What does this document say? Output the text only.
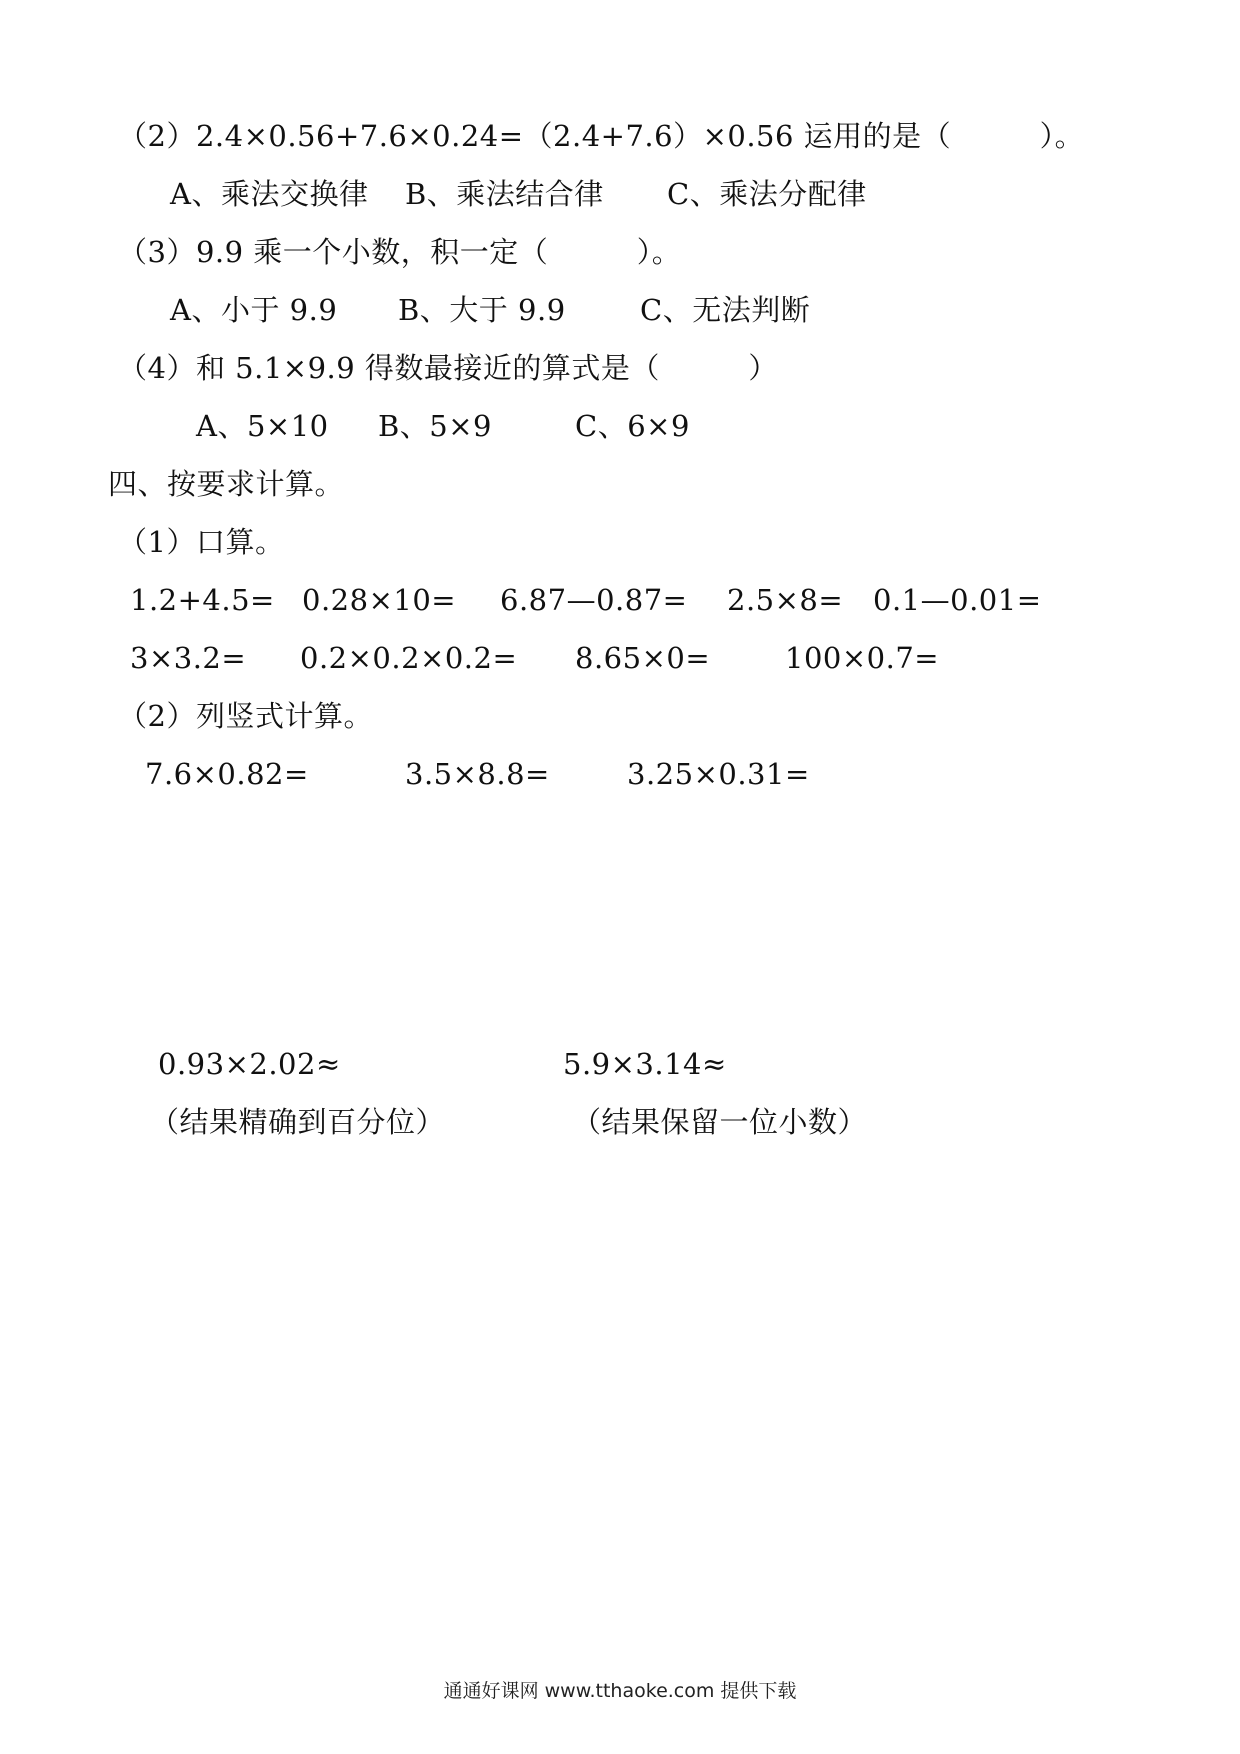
（2）2.4×0.56+7.6×0.24=（2.4+7.6）×0.56 运用的是（　　　）。
A、乘法交换律 B、乘法结合律 C、乘法分配律
（3）9.9 乘一个小数，积一定（　　　）。
A、小于 9.9 B、大于 9.9	C、无法判断
（4）和 5.1×9.9 得数最接近的算式是（　　　）
A、5×10 B、5×9	C、6×9
四、按要求计算。
（1）口算。
1.2+4.5= 0.28×10= 6.87—0.87= 2.5×8= 0.1—0.01=
3×3.2= 0.2×0.2×0.2= 8.65×0=	100×0.7=
（2）列竖式计算。
7.6×0.82=	3.5×8.8=	3.25×0.31=
0.93×2.02≈	5.9×3.14≈
（结果精确到百分位）	（结果保留一位小数）
通通好课网 www.tthaoke.com 提供下载
